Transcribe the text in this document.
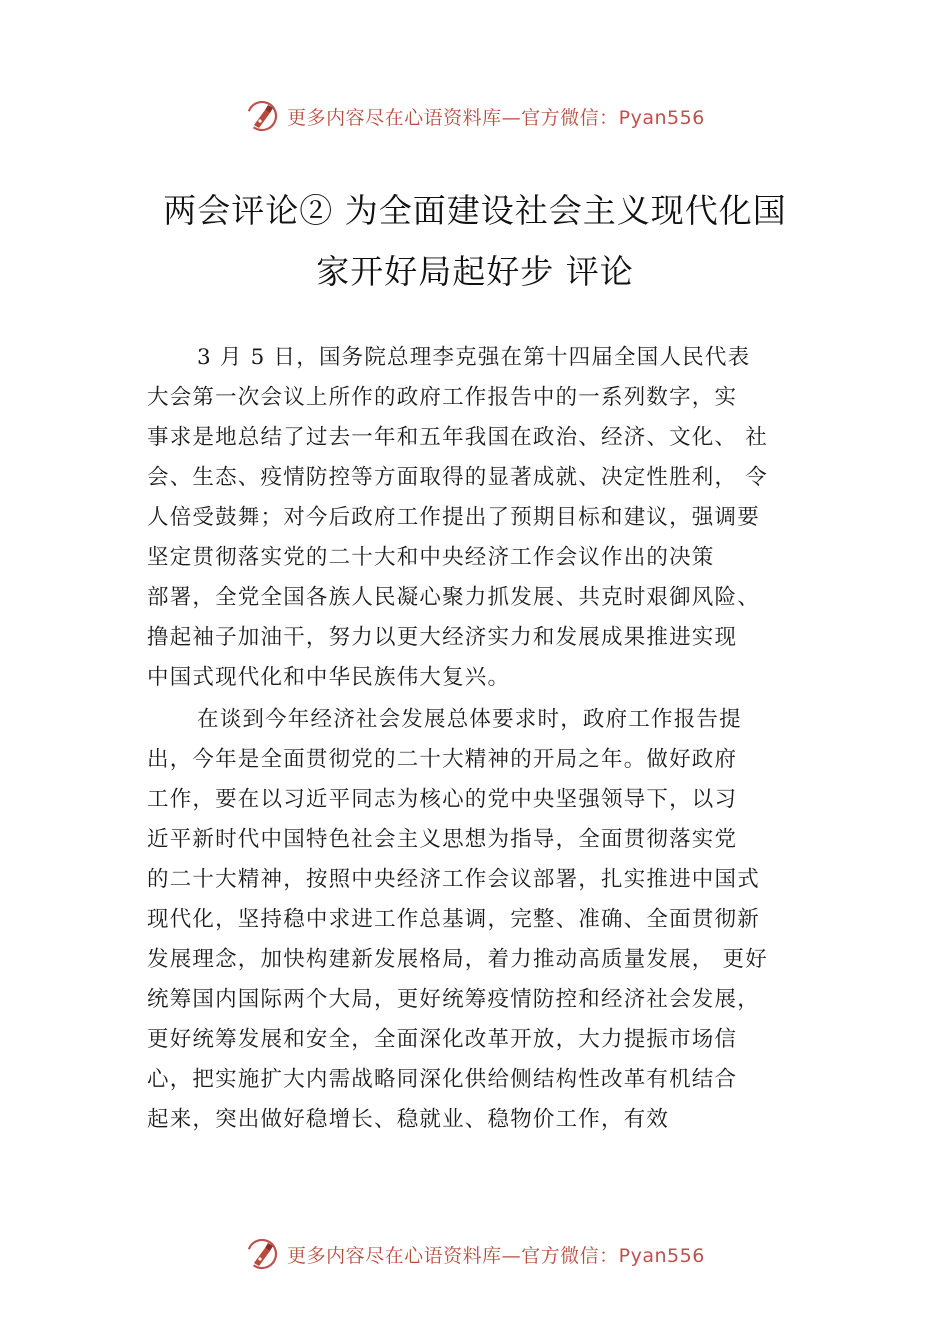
更多内容尽在心语资料库—官方微信：Pyan556
两会评论② 为全面建设社会主义现代化国
家开好局起好步 评论
3 月 5 日，国务院总理李克强在第十四届全国人民代表
大会第一次会议上所作的政府工作报告中的一系列数字，实
事求是地总结了过去一年和五年我国在政治、经济、文化、 社
会、生态、疫情防控等方面取得的显著成就、决定性胜利， 令
人倍受鼓舞；对今后政府工作提出了预期目标和建议，强调要
坚定贯彻落实党的二十大和中央经济工作会议作出的决策
部署，全党全国各族人民凝心聚力抓发展、共克时艰御风险、
撸起袖子加油干，努力以更大经济实力和发展成果推进实现
中国式现代化和中华民族伟大复兴。
在谈到今年经济社会发展总体要求时，政府工作报告提
出，今年是全面贯彻党的二十大精神的开局之年。做好政府
工作，要在以习近平同志为核心的党中央坚强领导下，以习
近平新时代中国特色社会主义思想为指导，全面贯彻落实党
的二十大精神，按照中央经济工作会议部署，扎实推进中国式
现代化，坚持稳中求进工作总基调，完整、准确、全面贯彻新
发展理念，加快构建新发展格局，着力推动高质量发展， 更好
统筹国内国际两个大局，更好统筹疫情防控和经济社会发展，
更好统筹发展和安全，全面深化改革开放，大力提振市场信
心，把实施扩大内需战略同深化供给侧结构性改革有机结合
起来，突出做好稳增长、稳就业、稳物价工作，有效
更多内容尽在心语资料库—官方微信：Pyan556
